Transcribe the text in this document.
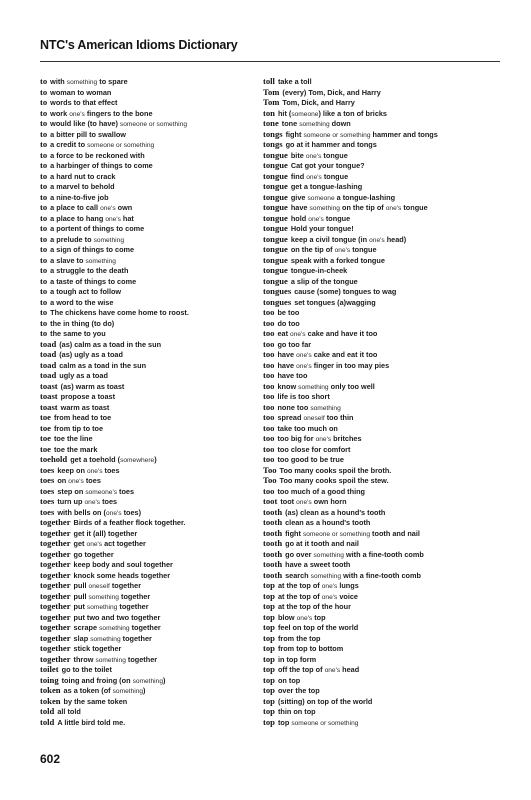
NTC's American Idioms Dictionary
to with something to spare
to woman to woman
to words to that effect
to work one's fingers to the bone
to would like (to have) someone or something
to a bitter pill to swallow
to a credit to someone or something
to a force to be reckoned with
to a harbinger of things to come
to a hard nut to crack
to a marvel to behold
to a nine-to-five job
to a place to call one's own
to a place to hang one's hat
to a portent of things to come
to a prelude to something
to a sign of things to come
to a slave to something
to a struggle to the death
to a taste of things to come
to a tough act to follow
to a word to the wise
to The chickens have come home to roost.
to the in thing (to do)
to the same to you
toad (as) calm as a toad in the sun
toad (as) ugly as a toad
toad calm as a toad in the sun
toad ugly as a toad
toast (as) warm as toast
toast propose a toast
toast warm as toast
toe from head to toe
toe from tip to toe
toe toe the line
toe toe the mark
toehold get a toehold (somewhere)
toes keep on one's toes
toes on one's toes
toes step on someone's toes
toes turn up one's toes
toes with bells on (one's toes)
together Birds of a feather flock together.
together get it (all) together
together get one's act together
together go together
together keep body and soul together
together knock some heads together
together pull oneself together
together pull something together
together put something together
together put two and two together
together scrape something together
together slap something together
together stick together
together throw something together
toilet go to the toilet
toing toing and froing (on something)
token as a token (of something)
token by the same token
told all told
told A little bird told me.
toll take a toll
Tom (every) Tom, Dick, and Harry
Tom Tom, Dick, and Harry
ton hit (someone) like a ton of bricks
tone tone something down
tongs fight someone or something hammer and tongs
tongs go at it hammer and tongs
tongue bite one's tongue
tongue Cat got your tongue?
tongue find one's tongue
tongue get a tongue-lashing
tongue give someone a tongue-lashing
tongue have something on the tip of one's tongue
tongue hold one's tongue
tongue Hold your tongue!
tongue keep a civil tongue (in one's head)
tongue on the tip of one's tongue
tongue speak with a forked tongue
tongue tongue-in-cheek
tongue a slip of the tongue
tongues cause (some) tongues to wag
tongues set tongues (a)wagging
too be too
too do too
too eat one's cake and have it too
too go too far
too have one's cake and eat it too
too have one's finger in too may pies
too have too
too know something only too well
too life is too short
too none too something
too spread oneself too thin
too take too much on
too too big for one's britches
too too close for comfort
too too good to be true
Too Too many cooks spoil the broth.
Too Too many cooks spoil the stew.
too too much of a good thing
toot toot one's own horn
tooth (as) clean as a hound's tooth
tooth clean as a hound's tooth
tooth fight someone or something tooth and nail
tooth go at it tooth and nail
tooth go over something with a fine-tooth comb
tooth have a sweet tooth
tooth search something with a fine-tooth comb
top at the top of one's lungs
top at the top of one's voice
top at the top of the hour
top blow one's top
top feel on top of the world
top from the top
top from top to bottom
top in top form
top off the top of one's head
top on top
top over the top
top (sitting) on top of the world
top thin on top
top top someone or something
602
